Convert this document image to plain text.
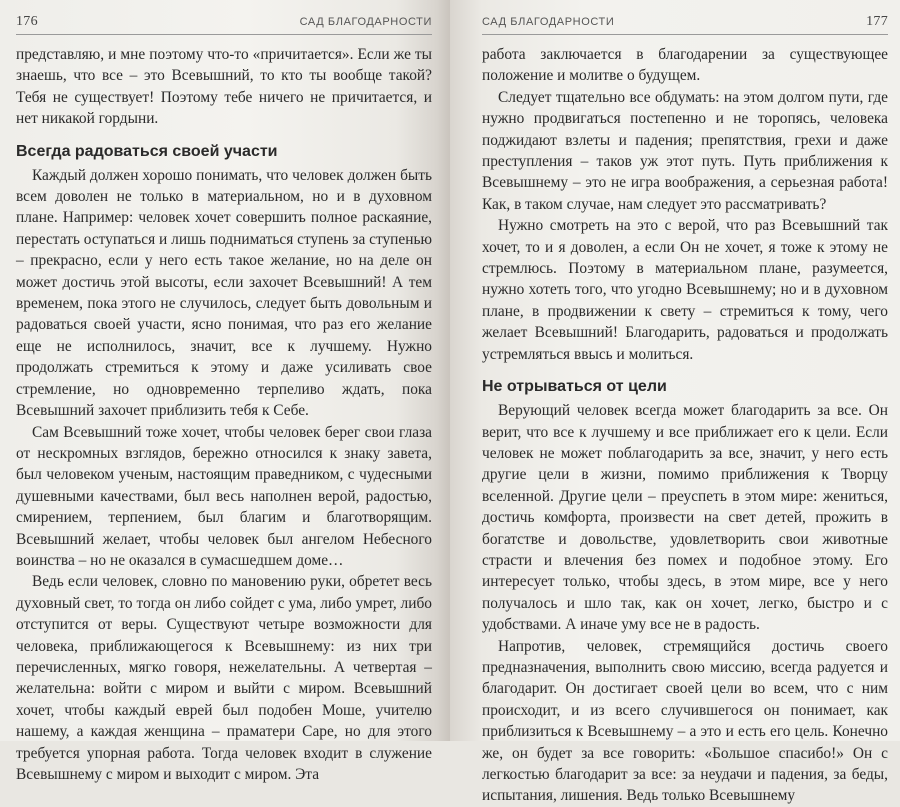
176	САД БЛАГОДАРНОСТИ

представляю, и мне поэтому что-то «причитается». Если же ты знаешь, что все – это Всевышний, то кто ты вообще такой? Тебя не существует! Поэтому тебе ничего не причитается, и нет никакой гордыни.

Всегда радоваться своей участи

Каждый должен хорошо понимать, что человек должен быть всем доволен не только в материальном, но и в духовном плане. Например: человек хочет совершить полное раскаяние, перестать оступаться и лишь подниматься ступень за ступенью – прекрасно, если у него есть такое желание, но на деле он может достичь этой высоты, если захочет Всевышний! А тем временем, пока этого не случилось, следует быть довольным и радоваться своей участи, ясно понимая, что раз его желание еще не исполнилось, значит, все к лучшему. Нужно продолжать стремиться к этому и даже усиливать свое стремление, но одновременно терпеливо ждать, пока Всевышний захочет приблизить тебя к Себе.

Сам Всевышний тоже хочет, чтобы человек берег свои глаза от нескромных взглядов, бережно относился к знаку завета, был человеком ученым, настоящим праведником, с чудесными душевными качествами, был весь наполнен верой, радостью, смирением, терпением, был благим и благотворящим. Всевышний желает, чтобы человек был ангелом Небесного воинства – но не оказался в сумасшедшем доме…

Ведь если человек, словно по мановению руки, обретет весь духовный свет, то тогда он либо сойдет с ума, либо умрет, либо отступится от веры. Существуют четыре возможности для человека, приближающегося к Всевышнему: из них три перечисленных, мягко говоря, нежелательны. А четвертая – желательна: войти с миром и выйти с миром. Всевышний хочет, чтобы каждый еврей был подобен Моше, учителю нашему, а каждая женщина – праматери Саре, но для этого требуется упорная работа. Тогда человек входит в служение Всевышнему с миром и выходит с миром. Эта

САД БЛАГОДАРНОСТИ	177

работа заключается в благодарении за существующее положение и молитве о будущем.

Следует тщательно все обдумать: на этом долгом пути, где нужно продвигаться постепенно и не торопясь, человека поджидают взлеты и падения; препятствия, грехи и даже преступления – таков уж этот путь. Путь приближения к Всевышнему – это не игра воображения, а серьезная работа! Как, в таком случае, нам следует это рассматривать?

Нужно смотреть на это с верой, что раз Всевышний так хочет, то и я доволен, а если Он не хочет, я тоже к этому не стремлюсь. Поэтому в материальном плане, разумеется, нужно хотеть того, что угодно Всевышнему; но и в духовном плане, в продвижении к свету – стремиться к тому, чего желает Всевышний! Благодарить, радоваться и продолжать устремляться ввысь и молиться.

Не отрываться от цели

Верующий человек всегда может благодарить за все. Он верит, что все к лучшему и все приближает его к цели. Если человек не может поблагодарить за все, значит, у него есть другие цели в жизни, помимо приближения к Творцу вселенной. Другие цели – преуспеть в этом мире: жениться, достичь комфорта, произвести на свет детей, прожить в богатстве и довольстве, удовлетворить свои животные страсти и влечения без помех и подобное этому. Его интересует только, чтобы здесь, в этом мире, все у него получалось и шло так, как он хочет, легко, быстро и с удобствами. А иначе уму все не в радость.

Напротив, человек, стремящийся достичь своего предназначения, выполнить свою миссию, всегда радуется и благодарит. Он достигает своей цели во всем, что с ним происходит, и из всего случившегося он понимает, как приблизиться к Всевышнему – а это и есть его цель. Конечно же, он будет за все говорить: «Большое спасибо!» Он с легкостью благодарит за все: за неудачи и падения, за беды, испытания, лишения. Ведь только Всевышнему
